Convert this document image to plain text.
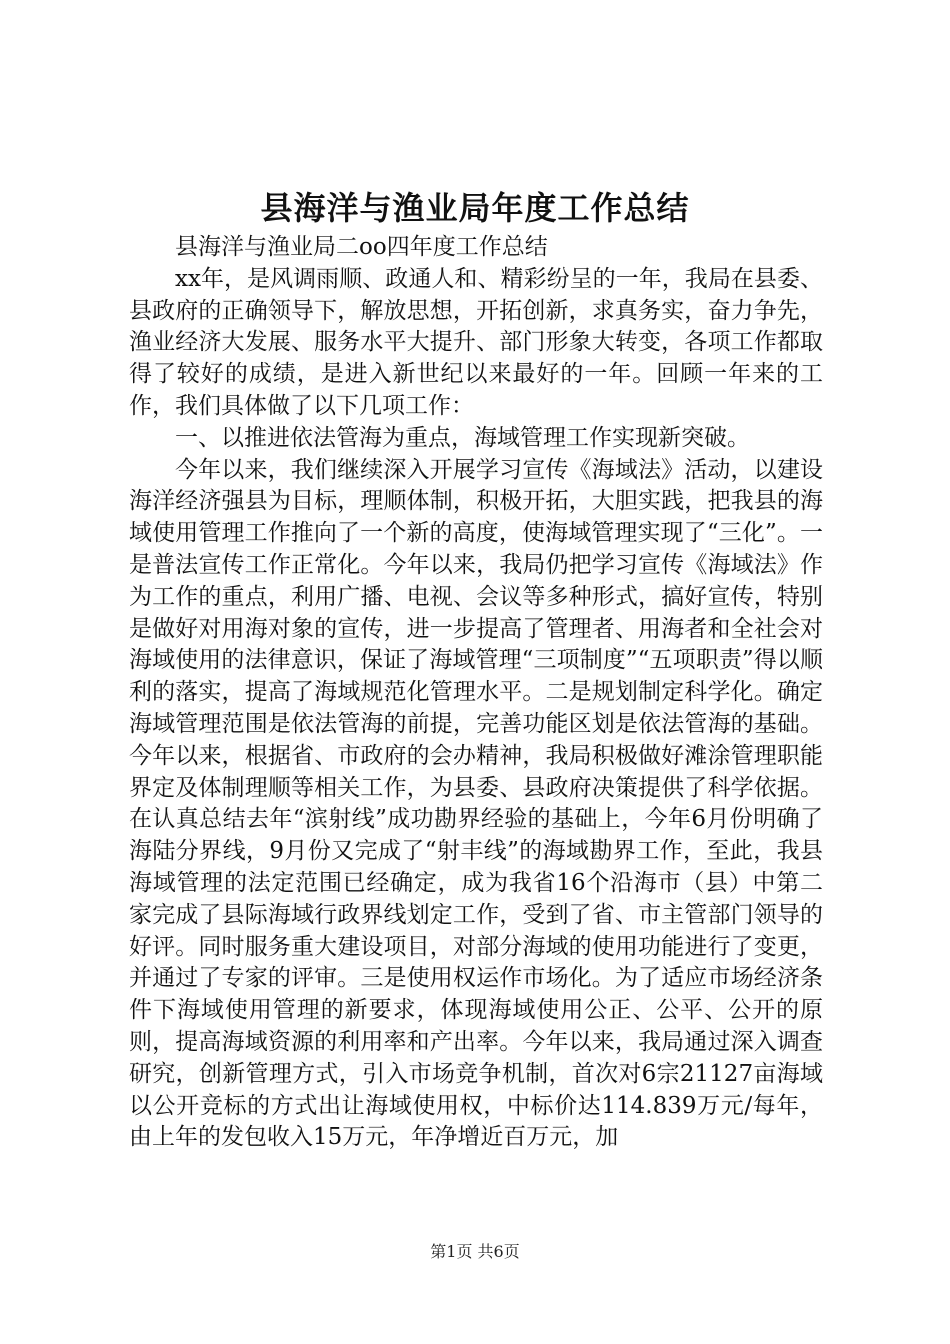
县海洋与渔业局年度工作总结

县海洋与渔业局二oo四年度工作总结

xx年，是风调雨顺、政通人和、精彩纷呈的一年，我局在县委、县政府的正确领导下，解放思想，开拓创新，求真务实，奋力争先，渔业经济大发展、服务水平大提升、部门形象大转变，各项工作都取得了较好的成绩，是进入新世纪以来最好的一年。回顾一年来的工作，我们具体做了以下几项工作：

一、以推进依法管海为重点，海域管理工作实现新突破。

今年以来，我们继续深入开展学习宣传《海域法》活动，以建设海洋经济强县为目标，理顺体制，积极开拓，大胆实践，把我县的海域使用管理工作推向了一个新的高度，使海域管理实现了“三化”。一是普法宣传工作正常化。今年以来，我局仍把学习宣传《海域法》作为工作的重点，利用广播、电视、会议等多种形式，搞好宣传，特别是做好对用海对象的宣传，进一步提高了管理者、用海者和全社会对海域使用的法律意识，保证了海域管理“三项制度”“五项职责”得以顺利的落实，提高了海域规范化管理水平。二是规划制定科学化。确定海域管理范围是依法管海的前提，完善功能区划是依法管海的基础。今年以来，根据省、市政府的会办精神，我局积极做好滩涂管理职能界定及体制理顺等相关工作，为县委、县政府决策提供了科学依据。在认真总结去年“滨射线”成功勘界经验的基础上，今年6月份明确了海陆分界线，9月份又完成了“射丰线”的海域勘界工作，至此，我县海域管理的法定范围已经确定，成为我省16个沿海市（县）中第二家完成了县际海域行政界线划定工作，受到了省、市主管部门领导的好评。同时服务重大建设项目，对部分海域的使用功能进行了变更，并通过了专家的评审。三是使用权运作市场化。为了适应市场经济条件下海域使用管理的新要求，体现海域使用公正、公平、公开的原则，提高海域资源的利用率和产出率。今年以来，我局通过深入调查研究，创新管理方式，引入市场竞争机制，首次对6宗21127亩海域以公开竞标的方式出让海域使用权，中标价达114.839万元/每年，由上年的发包收入15万元，年净增近百万元，加

第1页 共6页
